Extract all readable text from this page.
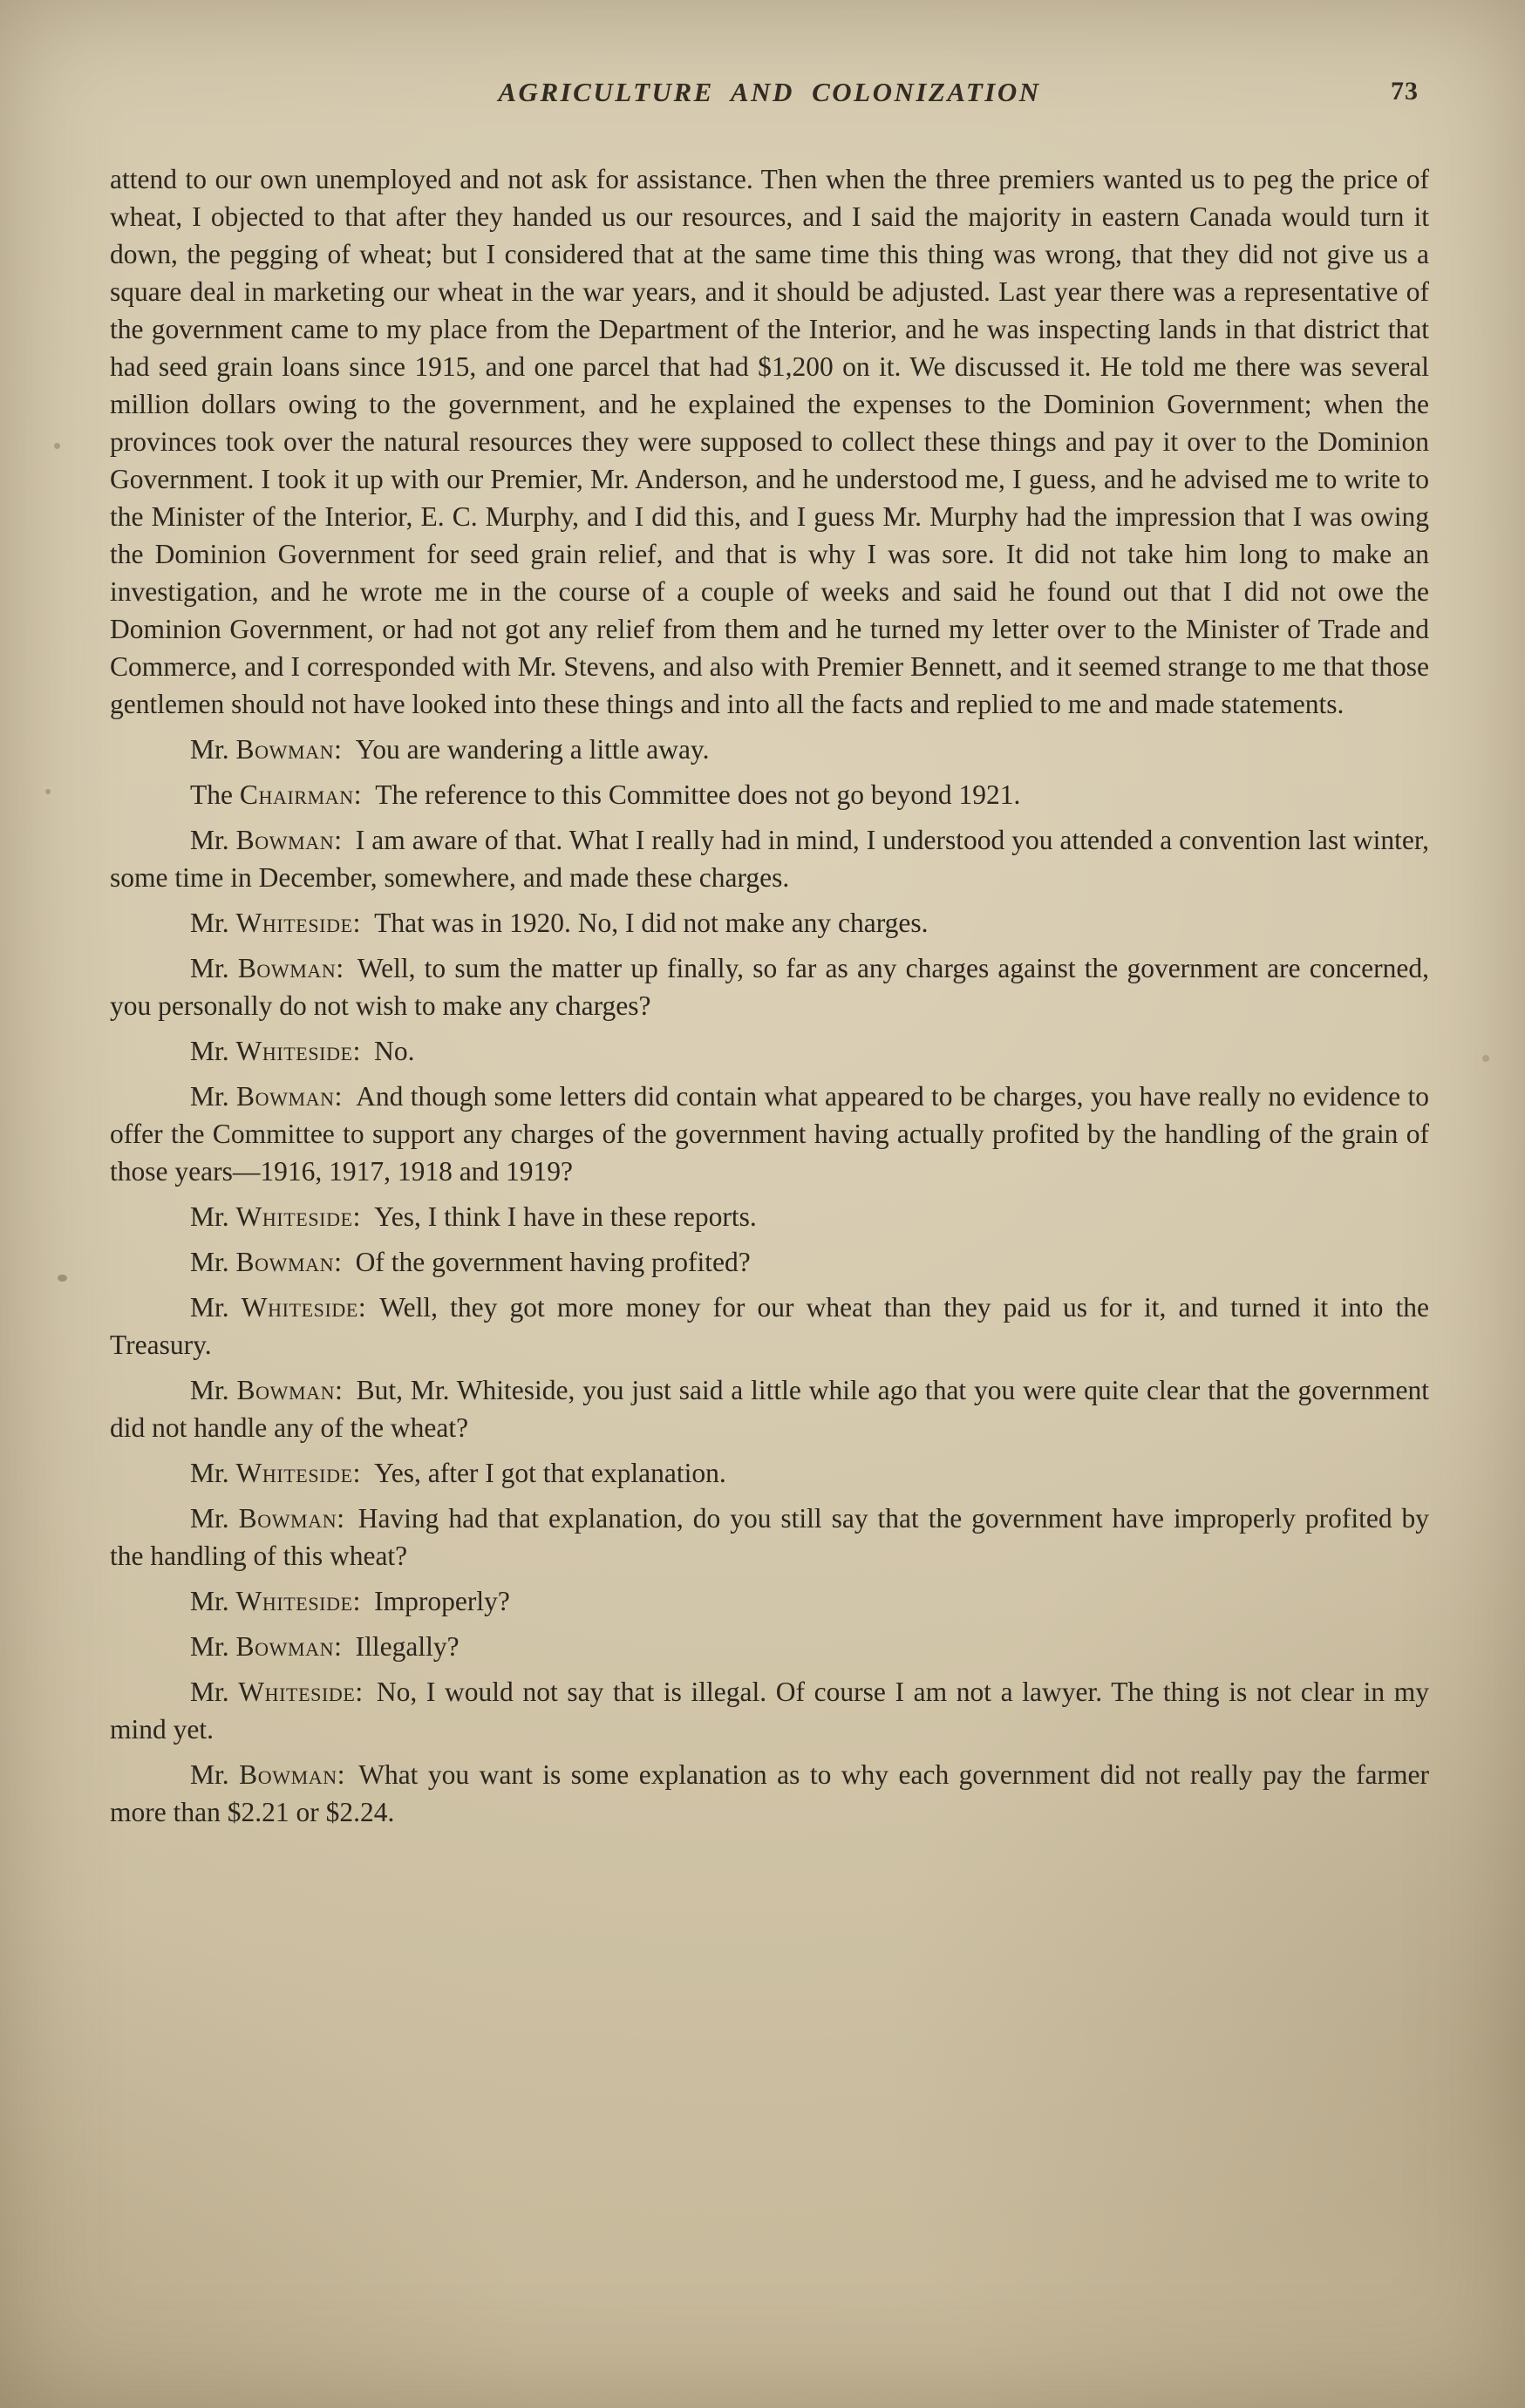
AGRICULTURE AND COLONIZATION	73

attend to our own unemployed and not ask for assistance. Then when the three premiers wanted us to peg the price of wheat, I objected to that after they handed us our resources, and I said the majority in eastern Canada would turn it down, the pegging of wheat; but I considered that at the same time this thing was wrong, that they did not give us a square deal in marketing our wheat in the war years, and it should be adjusted. Last year there was a representative of the government came to my place from the Department of the Interior, and he was inspecting lands in that district that had seed grain loans since 1915, and one parcel that had $1,200 on it. We discussed it. He told me there was several million dollars owing to the government, and he explained the expenses to the Dominion Government; when the provinces took over the natural resources they were supposed to collect these things and pay it over to the Dominion Government. I took it up with our Premier, Mr. Anderson, and he understood me, I guess, and he advised me to write to the Minister of the Interior, E. C. Murphy, and I did this, and I guess Mr. Murphy had the impression that I was owing the Dominion Government for seed grain relief, and that is why I was sore. It did not take him long to make an investigation, and he wrote me in the course of a couple of weeks and said he found out that I did not owe the Dominion Government, or had not got any relief from them and he turned my letter over to the Minister of Trade and Commerce, and I corresponded with Mr. Stevens, and also with Premier Bennett, and it seemed strange to me that those gentlemen should not have looked into these things and into all the facts and replied to me and made statements.

Mr. Bowman: You are wandering a little away.

The Chairman: The reference to this Committee does not go beyond 1921.

Mr. Bowman: I am aware of that. What I really had in mind, I understood you attended a convention last winter, some time in December, somewhere, and made these charges.

Mr. Whiteside: That was in 1920. No, I did not make any charges.

Mr. Bowman: Well, to sum the matter up finally, so far as any charges against the government are concerned, you personally do not wish to make any charges?

Mr. Whiteside: No.

Mr. Bowman: And though some letters did contain what appeared to be charges, you have really no evidence to offer the Committee to support any charges of the government having actually profited by the handling of the grain of those years—1916, 1917, 1918 and 1919?

Mr. Whiteside: Yes, I think I have in these reports.

Mr. Bowman: Of the government having profited?

Mr. Whiteside: Well, they got more money for our wheat than they paid us for it, and turned it into the Treasury.

Mr. Bowman: But, Mr. Whiteside, you just said a little while ago that you were quite clear that the government did not handle any of the wheat?

Mr. Whiteside: Yes, after I got that explanation.

Mr. Bowman: Having had that explanation, do you still say that the government have improperly profited by the handling of this wheat?

Mr. Whiteside: Improperly?

Mr. Bowman: Illegally?

Mr. Whiteside: No, I would not say that is illegal. Of course I am not a lawyer. The thing is not clear in my mind yet.

Mr. Bowman: What you want is some explanation as to why each government did not really pay the farmer more than $2.21 or $2.24.
